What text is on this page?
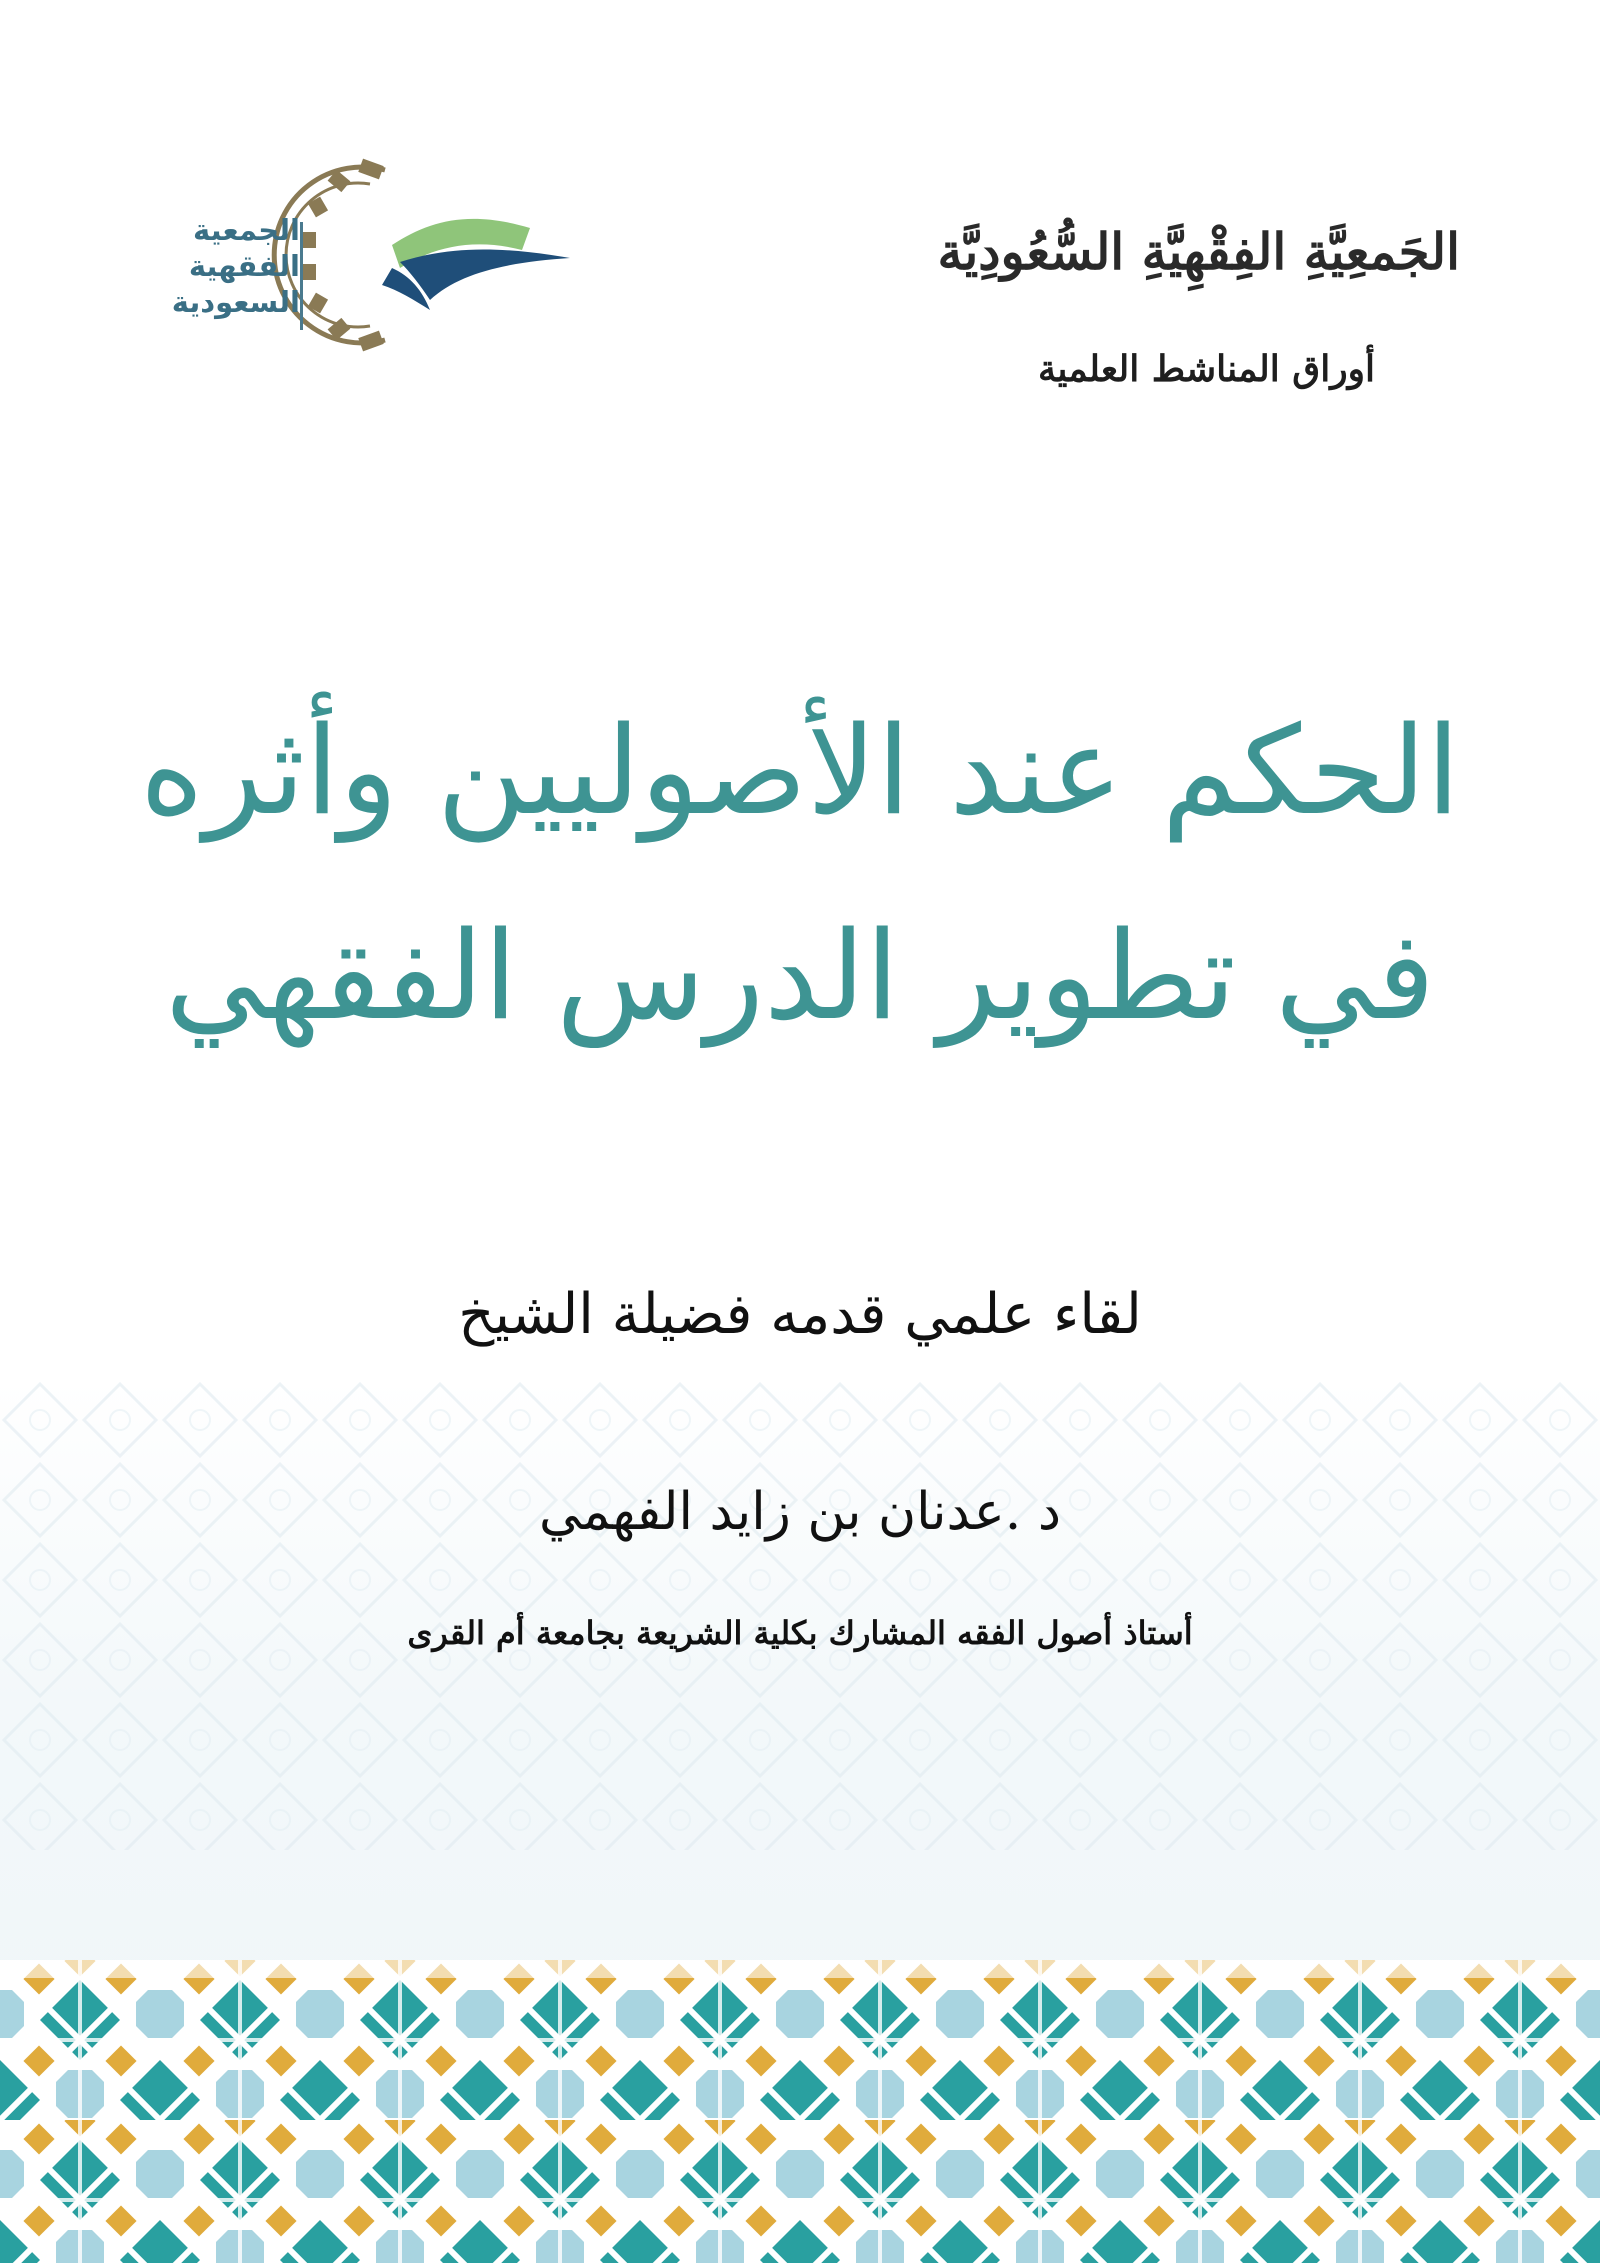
الجمعية
الفقهية
السعودية
الجَمعِيَّةِ الفِقْهِيَّةِ السُّعُودِيَّة
أوراق المناشط العلمية
الحكم عند الأصوليين وأثره
في تطوير الدرس الفقهي
لقاء علمي قدمه فضيلة الشيخ
د .عدنان بن زايد الفهمي
أستاذ أصول الفقه المشارك بكلية الشريعة بجامعة أم القرى
